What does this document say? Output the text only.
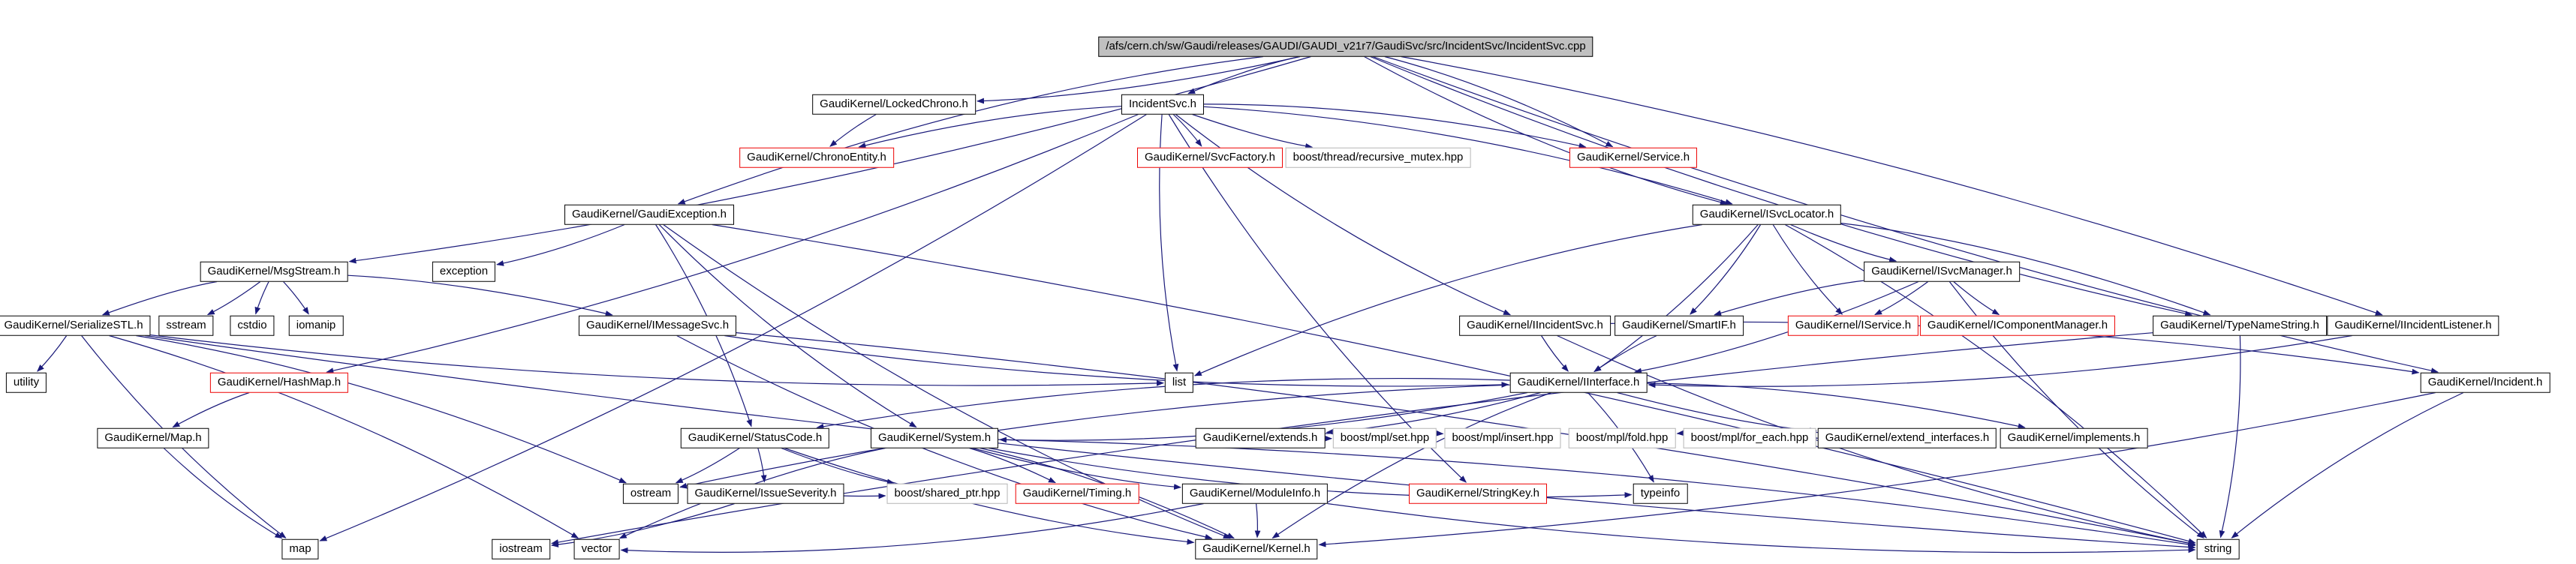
/afs/cern.ch/sw/Gaudi/releases/GAUDI/GAUDI_v21r7/GaudiSvc/src/IncidentSvc/IncidentSvc.cpp
GaudiKernel/LockedChrono.h	IncidentSvc.h
GaudiKernel/ChronoEntity.h	GaudiKernel/SvcFactory.h	boost/thread/recursive_mutex.hpp	GaudiKernel/Service.h
GaudiKernel/GaudiException.h	GaudiKernel/ISvcLocator.h
GaudiKernel/MsgStream.h	exception	GaudiKernel/ISvcManager.h
GaudiKernel/SerializeSTL.h	sstream	cstdio	iomanip	GaudiKernel/IMessageSvc.h	GaudiKernel/IIncidentSvc.h	GaudiKernel/SmartIF.h	GaudiKernel/IService.h	GaudiKernel/IComponentManager.h	GaudiKernel/TypeNameString.h	GaudiKernel/IIncidentListener.h
utility	GaudiKernel/HashMap.h	list	GaudiKernel/IInterface.h	GaudiKernel/Incident.h
GaudiKernel/Map.h	GaudiKernel/StatusCode.h	GaudiKernel/System.h	GaudiKernel/extends.h	boost/mpl/set.hpp	boost/mpl/insert.hpp	boost/mpl/fold.hpp	boost/mpl/for_each.hpp	GaudiKernel/extend_interfaces.h	GaudiKernel/implements.h
ostream	GaudiKernel/IssueSeverity.h	boost/shared_ptr.hpp	GaudiKernel/Timing.h	GaudiKernel/ModuleInfo.h	GaudiKernel/StringKey.h	typeinfo
map	iostream	vector	GaudiKernel/Kernel.h	string
